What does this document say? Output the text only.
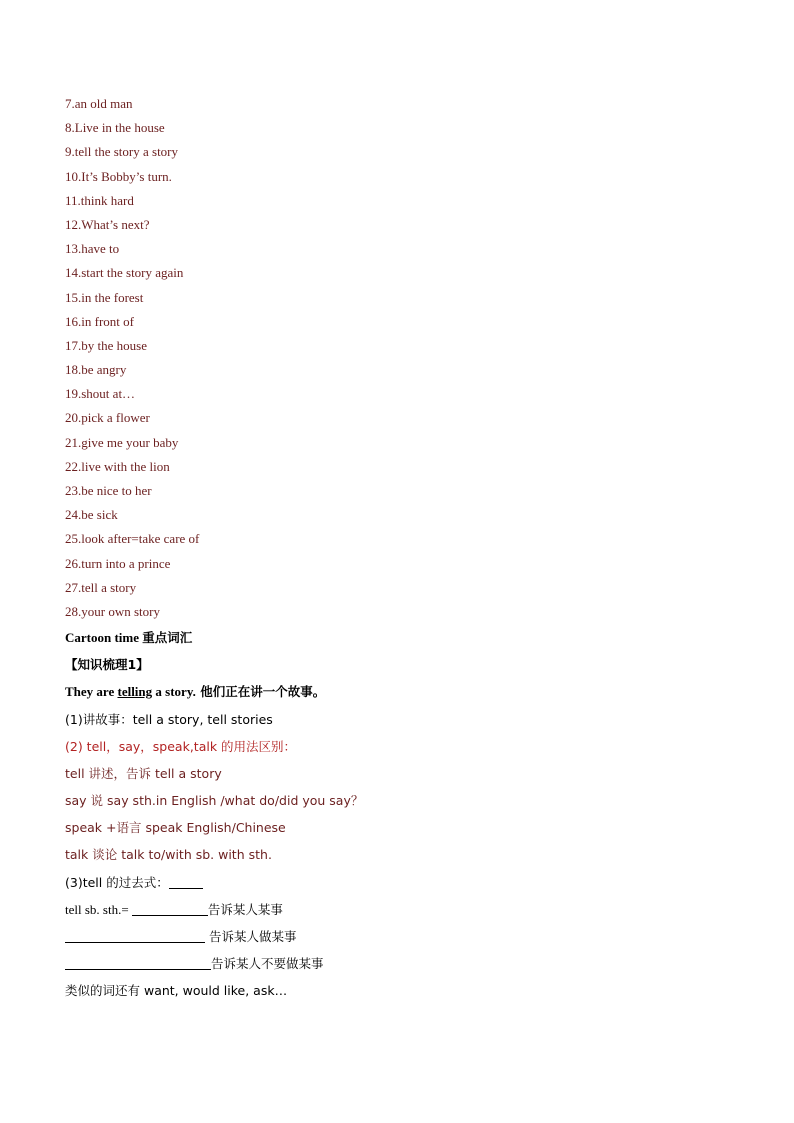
7.an old man
8.Live in the house
9.tell the story a story
10.It’s Bobby’s turn.
11.think hard
12.What’s next?
13.have to
14.start the story again
15.in the forest
16.in front of
17.by the house
18.be angry
19.shout at…
20.pick a flower
21.give me your baby
22.live with the lion
23.be nice to her
24.be sick
25.look after=take care of
26.turn into a prince
27.tell a story
28.your own story
Cartoon time 重点词汇
【知识梳理1】
They are telling a story. 他们正在讲一个故事。
(1)讲故事：tell a story, tell stories
(2) tell，say，speak,talk 的用法区别：
tell 讲述，告诉 tell a story
say 说 say sth.in English /what do/did you say？
speak +语言 speak English/Chinese
talk 谈论 talk to/with sb. with sth.
(3)tell 的过去式：
tell sb. sth.=	告诉某人某事
告诉某人做某事
告诉某人不要做某事
类似的词还有 want, would like, ask…
